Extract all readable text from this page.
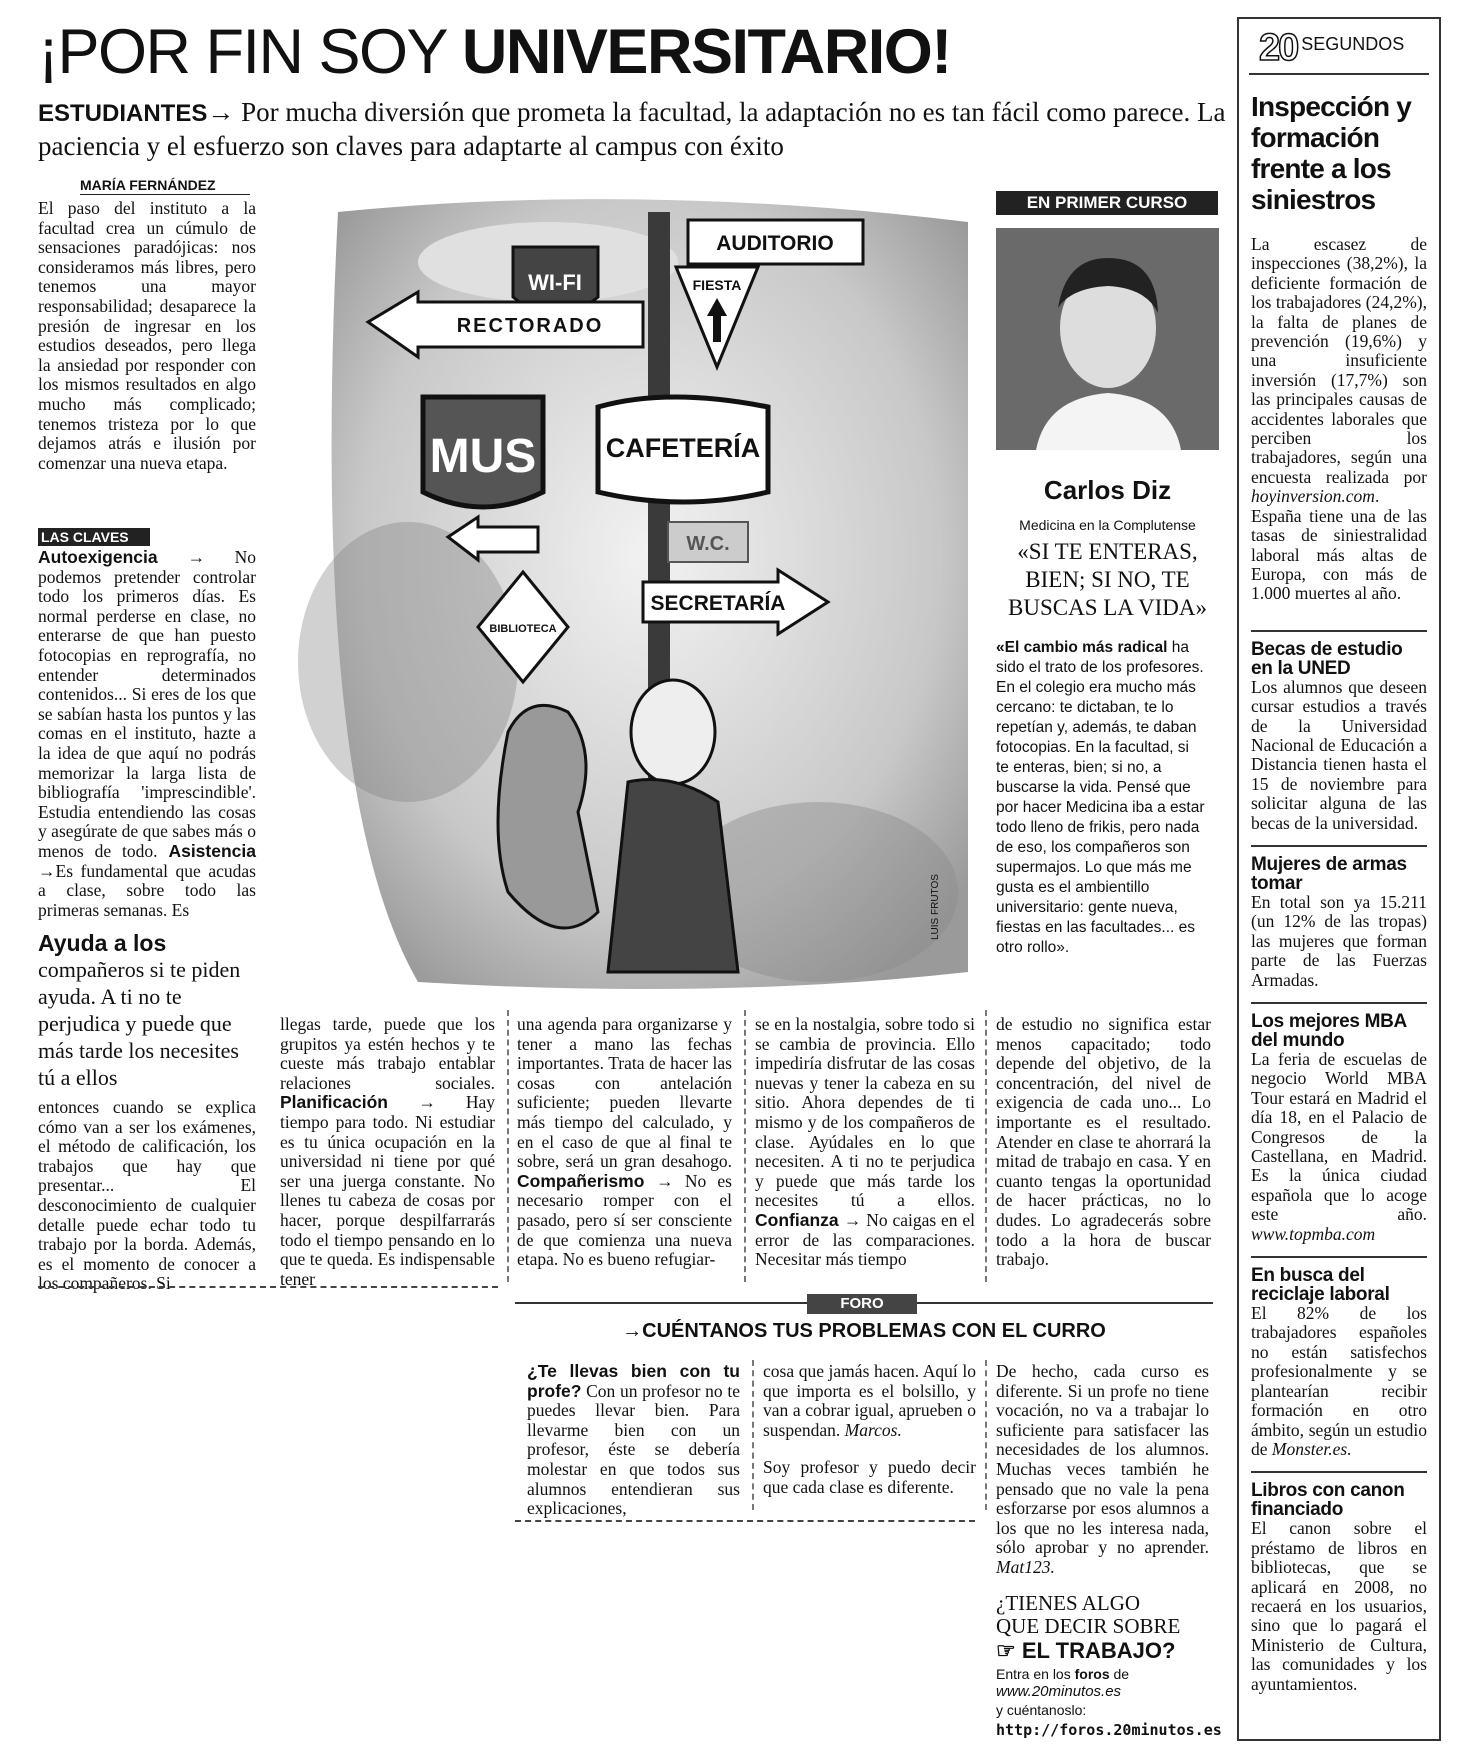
¡POR FIN SOY UNIVERSITARIO!
ESTUDIANTES→ Por mucha diversión que prometa la facultad, la adaptación no es tan fácil como parece. La paciencia y el esfuerzo son claves para adaptarte al campus con éxito
MARÍA FERNÁNDEZ
El paso del instituto a la facultad crea un cúmulo de sensaciones paradójicas: nos consideramos más libres, pero tenemos una mayor responsabilidad; desaparece la presión de ingresar en los estudios deseados, pero llega la ansiedad por responder con los mismos resultados en algo mucho más complicado; tenemos tristeza por lo que dejamos atrás e ilusión por comenzar una nueva etapa.
LAS CLAVES
Autoexigencia → No podemos pretender controlar todo los primeros días. Es normal perderse en clase, no enterarse de que han puesto fotocopias en reprografía, no entender determinados contenidos... Si eres de los que se sabían hasta los puntos y las comas en el instituto, hazte a la idea de que aquí no podrás memorizar la larga lista de bibliografía 'imprescindible'. Estudia entendiendo las cosas y asegúrate de que sabes más o menos de todo. Asistencia →Es fundamental que acudas a clase, sobre todo las primeras semanas. Es
Ayuda a los
compañeros si te piden ayuda. A ti no te perjudica y puede que más tarde los necesites tú a ellos
entonces cuando se explica cómo van a ser los exámenes, el método de calificación, los trabajos que hay que presentar... El desconocimiento de cualquier detalle puede echar todo tu trabajo por la borda. Además, es el momento de conocer a los compañeros. Si
WI-FI
AUDITORIO
FIESTA
RECTORADO
MUS	CAFETERÍA
W.C.
BIBLIOTECA
SECRETARÍA
LUIS FRUTOS
EN PRIMER CURSO
Carlos Diz
Medicina en la Complutense
«SI TE ENTERAS, BIEN; SI NO, TE BUSCAS LA VIDA»
«El cambio más radical ha sido el trato de los profesores. En el colegio era mucho más cercano: te dictaban, te lo repetían y, además, te daban fotocopias. En la facultad, si te enteras, bien; si no, a buscarse la vida. Pensé que por hacer Medicina iba a estar todo lleno de frikis, pero nada de eso, los compañeros son supermajos. Lo que más me gusta es el ambientillo universitario: gente nueva, fiestas en las facultades... es otro rollo».
llegas tarde, puede que los grupitos ya estén hechos y te cueste más trabajo entablar relaciones sociales. Planificación → Hay tiempo para todo. Ni estudiar es tu única ocupación en la universidad ni tiene por qué ser una juerga constante. No llenes tu cabeza de cosas por hacer, porque despilfarrarás todo el tiempo pensando en lo que te queda. Es indispensable tener
una agenda para organizarse y tener a mano las fechas importantes. Trata de hacer las cosas con antelación suficiente; pueden llevarte más tiempo del calculado, y en el caso de que al final te sobre, será un gran desahogo. Compañerismo → No es necesario romper con el pasado, pero sí ser consciente de que comienza una nueva etapa. No es bueno refugiar-
se en la nostalgia, sobre todo si se cambia de provincia. Ello impediría disfrutar de las cosas nuevas y tener la cabeza en su sitio. Ahora dependes de ti mismo y de los compañeros de clase. Ayúdales en lo que necesiten. A ti no te perjudica y puede que más tarde los necesites tú a ellos. Confianza → No caigas en el error de las comparaciones. Necesitar más tiempo
de estudio no significa estar menos capacitado; todo depende del objetivo, de la concentración, del nivel de exigencia de cada uno... Lo importante es el resultado. Atender en clase te ahorrará la mitad de trabajo en casa. Y en cuanto tengas la oportunidad de hacer prácticas, no lo dudes. Lo agradecerás sobre todo a la hora de buscar trabajo.
FORO
→CUÉNTANOS TUS PROBLEMAS CON EL CURRO
¿Te llevas bien con tu profe? Con un profesor no te puedes llevar bien. Para llevarme bien con un profesor, éste se debería molestar en que todos sus alumnos entendieran sus explicaciones,

cosa que jamás hacen. Aquí lo que importa es el bolsillo, y van a cobrar igual, aprueben o suspendan. Marcos.

Soy profesor y puedo decir que cada clase es diferente.

De hecho, cada curso es diferente. Si un profe no tiene vocación, no va a trabajar lo suficiente para satisfacer las necesidades de los alumnos. Muchas veces también he pensado que no vale la pena esforzarse por esos alumnos a los que no les interesa nada, sólo aprobar y no aprender. Mat123.
¿TIENES ALGO
QUE DECIR SOBRE
☞ EL TRABAJO?
Entra en los foros de
www.20minutos.es
y cuéntanoslo:
http://foros.20minutos.es
20 SEGUNDOS
Inspección y formación frente a los siniestros
La escasez de inspecciones (38,2%), la deficiente formación de los trabajadores (24,2%), la falta de planes de prevención (19,6%) y una insuficiente inversión (17,7%) son las principales causas de accidentes laborales que perciben los trabajadores, según una encuesta realizada por hoyinversion.com. España tiene una de las tasas de siniestralidad laboral más altas de Europa, con más de 1.000 muertes al año.
Becas de estudio en la UNED
Los alumnos que deseen cursar estudios a través de la Universidad Nacional de Educación a Distancia tienen hasta el 15 de noviembre para solicitar alguna de las becas de la universidad.
Mujeres de armas tomar
En total son ya 15.211 (un 12% de las tropas) las mujeres que forman parte de las Fuerzas Armadas.
Los mejores MBA del mundo
La feria de escuelas de negocio World MBA Tour estará en Madrid el día 18, en el Palacio de Congresos de la Castellana, en Madrid. Es la única ciudad española que lo acoge este año. www.topmba.com
En busca del reciclaje laboral
El 82% de los trabajadores españoles no están satisfechos profesionalmente y se plantearían recibir formación en otro ámbito, según un estudio de Monster.es.
Libros con canon financiado
El canon sobre el préstamo de libros en bibliotecas, que se aplicará en 2008, no recaerá en los usuarios, sino que lo pagará el Ministerio de Cultura, las comunidades y los ayuntamientos.
